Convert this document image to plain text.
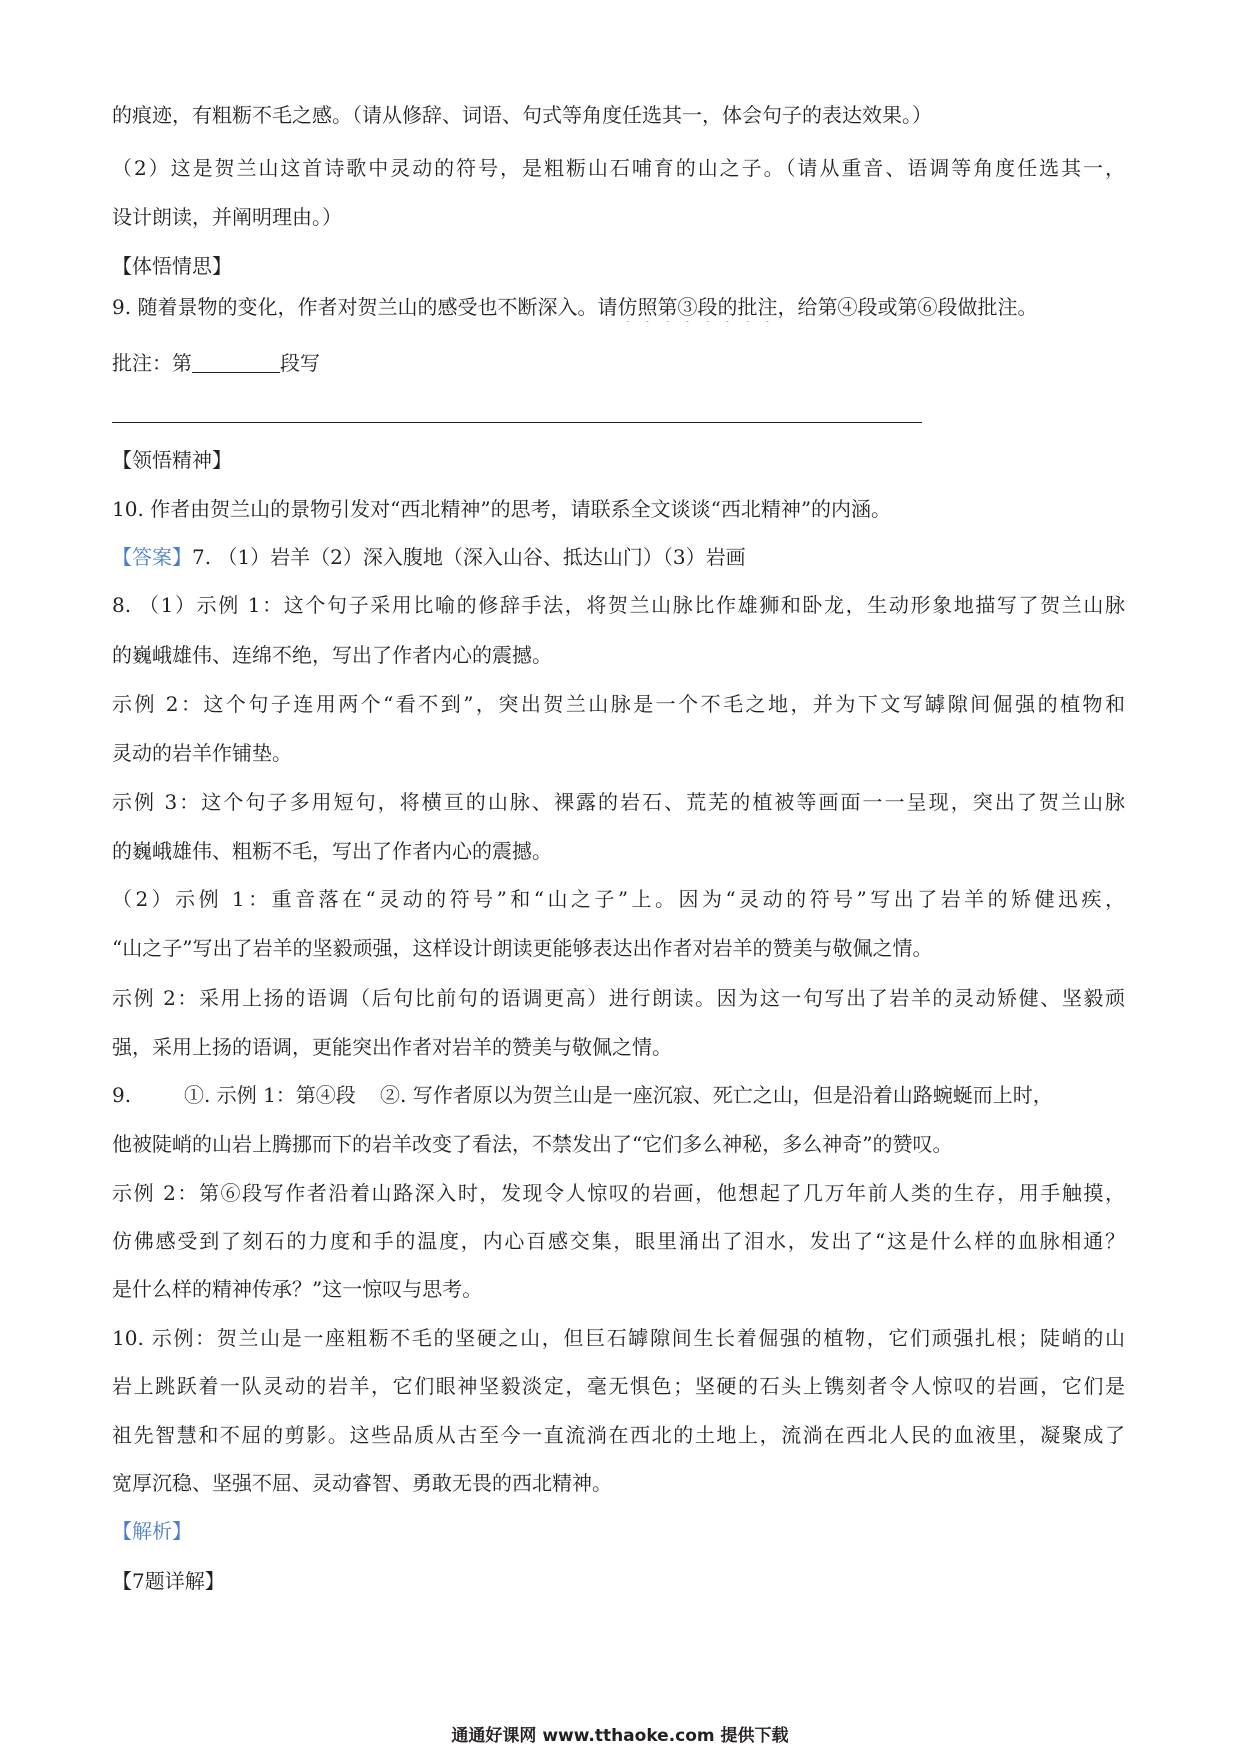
的痕迹，有粗粝不毛之感。（请从修辞、词语、句式等角度任选其一，体会句子的表达效果。）
（2）这是贺兰山这首诗歌中灵动的符号，是粗粝山石哺育的山之子。（请从重音、语调等角度任选其一，
设计朗读，并阐明理由。）
【体悟情思】
9. 随着景物的变化，作者对贺兰山的感受也不断深入。请仿照第③段的批注，给第④段或第⑥段做批注。
批注：第	段写
【领悟精神】
10. 作者由贺兰山的景物引发对“西北精神”的思考，请联系全文谈谈“西北精神”的内涵。
【答案】7. （1）岩羊（2）深入腹地（深入山谷、抵达山门）（3）岩画
8. （1）示例 1：这个句子采用比喻的修辞手法，将贺兰山脉比作雄狮和卧龙，生动形象地描写了贺兰山脉
的巍峨雄伟、连绵不绝，写出了作者内心的震撼。
示例 2：这个句子连用两个“看不到”，突出贺兰山脉是一个不毛之地，并为下文写罅隙间倔强的植物和
灵动的岩羊作铺垫。
示例 3：这个句子多用短句，将横亘的山脉、裸露的岩石、荒芜的植被等画面一一呈现，突出了贺兰山脉
的巍峨雄伟、粗粝不毛，写出了作者内心的震撼。
（2）示例 1：重音落在“灵动的符号”和“山之子”上。因为“灵动的符号”写出了岩羊的矫健迅疾，
“山之子”写出了岩羊的坚毅顽强，这样设计朗读更能够表达出作者对岩羊的赞美与敬佩之情。
示例 2：采用上扬的语调（后句比前句的语调更高）进行朗读。因为这一句写出了岩羊的灵动矫健、坚毅顽
强，采用上扬的语调，更能突出作者对岩羊的赞美与敬佩之情。
9.	①. 示例 1：第④段 ②. 写作者原以为贺兰山是一座沉寂、死亡之山，但是沿着山路蜿蜒而上时，
他被陡峭的山岩上腾挪而下的岩羊改变了看法，不禁发出了“它们多么神秘，多么神奇”的赞叹。
示例 2：第⑥段写作者沿着山路深入时，发现令人惊叹的岩画，他想起了几万年前人类的生存，用手触摸，
仿佛感受到了刻石的力度和手的温度，内心百感交集，眼里涌出了泪水，发出了“这是什么样的血脉相通？
是什么样的精神传承？”这一惊叹与思考。
10. 示例：贺兰山是一座粗粝不毛的坚硬之山，但巨石罅隙间生长着倔强的植物，它们顽强扎根；陡峭的山
岩上跳跃着一队灵动的岩羊，它们眼神坚毅淡定，毫无惧色；坚硬的石头上镌刻者令人惊叹的岩画，它们是
祖先智慧和不屈的剪影。这些品质从古至今一直流淌在西北的土地上，流淌在西北人民的血液里，凝聚成了
宽厚沉稳、坚强不屈、灵动睿智、勇敢无畏的西北精神。
【解析】
【7题详解】
通通好课网 www.tthaoke.com 提供下载
